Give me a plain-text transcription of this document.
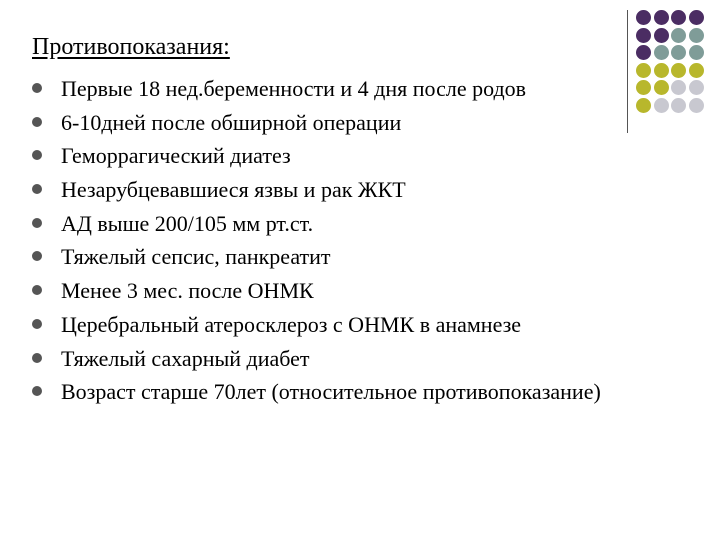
Противопоказания:
Первые 18 нед.беременности и 4 дня после родов
6-10дней после обширной операции
Геморрагический диатез
Незарубцевавшиеся язвы и рак ЖКТ
АД выше 200/105 мм рт.ст.
Тяжелый сепсис, панкреатит
Менее 3 мес. после ОНМК
Церебральный атеросклероз с ОНМК в анамнезе
Тяжелый сахарный диабет
Возраст старше 70лет (относительное противопоказание)
